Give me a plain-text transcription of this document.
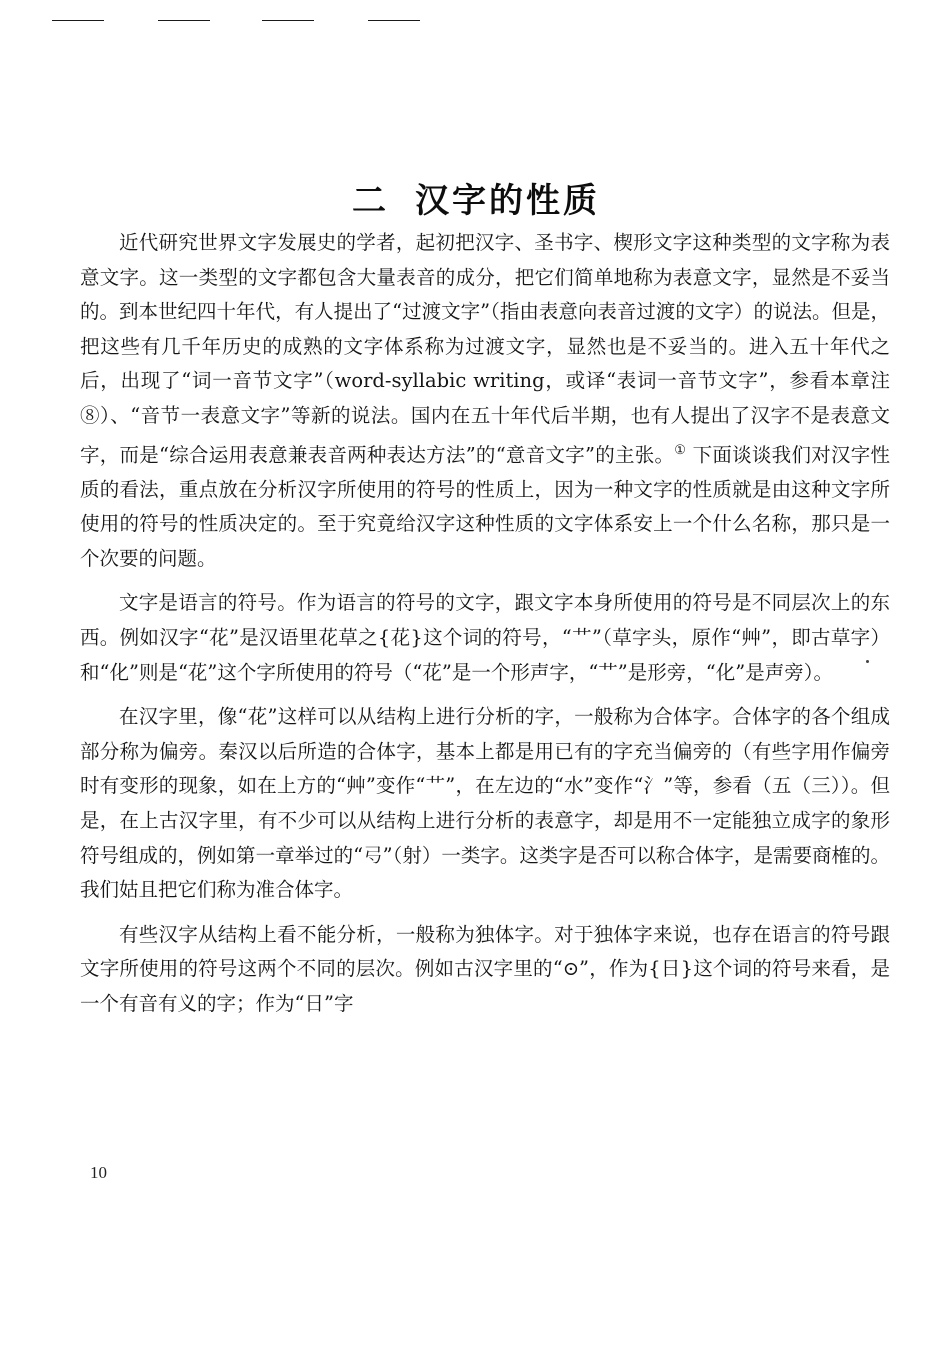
二 汉字的性质

近代研究世界文字发展史的学者，起初把汉字、圣书字、楔形文字这种类型的文字称为表意文字。这一类型的文字都包含大量表音的成分，把它们简单地称为表意文字，显然是不妥当的。到本世纪四十年代，有人提出了“过渡文字”（指由表意向表音过渡的文字）的说法。但是，把这些有几千年历史的成熟的文字体系称为过渡文字，显然也是不妥当的。进入五十年代之后，出现了“词一音节文字”（word-syllabic writing，或译“表词一音节文字”，参看本章注⑧）、“音节一表意文字”等新的说法。国内在五十年代后半期，也有人提出了汉字不是表意文字，而是“综合运用表意兼表音两种表达方法”的“意音文字”的主张。① 下面谈谈我们对汉字性质的看法，重点放在分析汉字所使用的符号的性质上，因为一种文字的性质就是由这种文字所使用的符号的性质决定的。至于究竟给汉字这种性质的文字体系安上一个什么名称，那只是一个次要的问题。

文字是语言的符号。作为语言的符号的文字，跟文字本身所使用的符号是不同层次上的东西。例如汉字“花”是汉语里花草之{花}这个词的符号，“艹”（草字头，原作“艸”，即古草字）和“化”则是“花”这个字所使用的符号（“花”是一个形声字，“艹”是形旁，“化”是声旁）。

在汉字里，像“花”这样可以从结构上进行分析的字，一般称为合体字。合体字的各个组成部分称为偏旁。秦汉以后所造的合体字，基本上都是用已有的字充当偏旁的（有些字用作偏旁时有变形的现象，如在上方的“艸”变作“艹”，在左边的“水”变作“氵”等，参看（五（三））。但是，在上古汉字里，有不少可以从结构上进行分析的表意字，却是用不一定能独立成字的象形符号组成的，例如第一章举过的“𢎚”（射）一类字。这类字是否可以称合体字，是需要商榷的。我们姑且把它们称为准合体字。

有些汉字从结构上看不能分析，一般称为独体字。对于独体字来说，也存在语言的符号跟文字所使用的符号这两个不同的层次。例如古汉字里的“⊙”，作为{日}这个词的符号来看，是一个有音有义的字；作为“日”字

10
